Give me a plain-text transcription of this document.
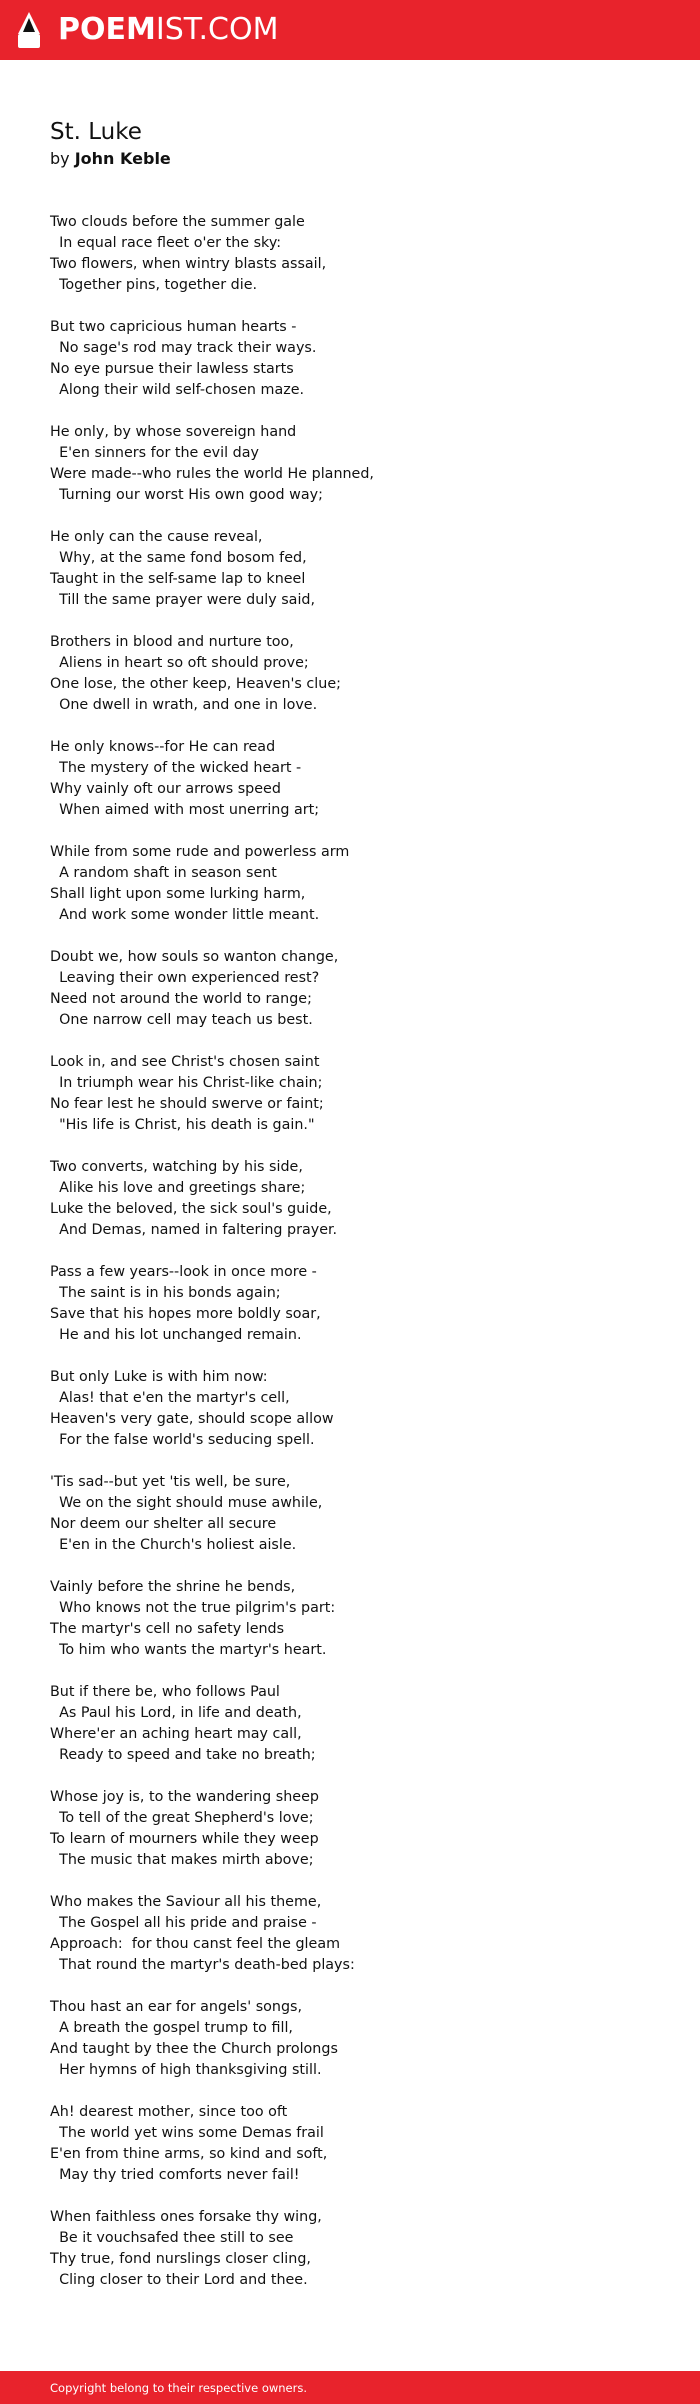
POEMIST.COM
St. Luke
by John Keble
Two clouds before the summer gale
In equal race fleet o'er the sky:
Two flowers, when wintry blasts assail,
Together pins, together die.
But two capricious human hearts -
No sage's rod may track their ways.
No eye pursue their lawless starts
Along their wild self-chosen maze.
He only, by whose sovereign hand
E'en sinners for the evil day
Were made--who rules the world He planned,
Turning our worst His own good way;
He only can the cause reveal,
Why, at the same fond bosom fed,
Taught in the self-same lap to kneel
Till the same prayer were duly said,
Brothers in blood and nurture too,
Aliens in heart so oft should prove;
One lose, the other keep, Heaven's clue;
One dwell in wrath, and one in love.
He only knows--for He can read
The mystery of the wicked heart -
Why vainly oft our arrows speed
When aimed with most unerring art;
While from some rude and powerless arm
A random shaft in season sent
Shall light upon some lurking harm,
And work some wonder little meant.
Doubt we, how souls so wanton change,
Leaving their own experienced rest?
Need not around the world to range;
One narrow cell may teach us best.
Look in, and see Christ's chosen saint
In triumph wear his Christ-like chain;
No fear lest he should swerve or faint;
"His life is Christ, his death is gain."
Two converts, watching by his side,
Alike his love and greetings share;
Luke the beloved, the sick soul's guide,
And Demas, named in faltering prayer.
Pass a few years--look in once more -
The saint is in his bonds again;
Save that his hopes more boldly soar,
He and his lot unchanged remain.
But only Luke is with him now:
Alas! that e'en the martyr's cell,
Heaven's very gate, should scope allow
For the false world's seducing spell.
'Tis sad--but yet 'tis well, be sure,
We on the sight should muse awhile,
Nor deem our shelter all secure
E'en in the Church's holiest aisle.
Vainly before the shrine he bends,
Who knows not the true pilgrim's part:
The martyr's cell no safety lends
To him who wants the martyr's heart.
But if there be, who follows Paul
As Paul his Lord, in life and death,
Where'er an aching heart may call,
Ready to speed and take no breath;
Whose joy is, to the wandering sheep
To tell of the great Shepherd's love;
To learn of mourners while they weep
The music that makes mirth above;
Who makes the Saviour all his theme,
The Gospel all his pride and praise -
Approach:  for thou canst feel the gleam
That round the martyr's death-bed plays:
Thou hast an ear for angels' songs,
A breath the gospel trump to fill,
And taught by thee the Church prolongs
Her hymns of high thanksgiving still.
Ah! dearest mother, since too oft
The world yet wins some Demas frail
E'en from thine arms, so kind and soft,
May thy tried comforts never fail!
When faithless ones forsake thy wing,
Be it vouchsafed thee still to see
Thy true, fond nurslings closer cling,
Cling closer to their Lord and thee.
Copyright belong to their respective owners.
